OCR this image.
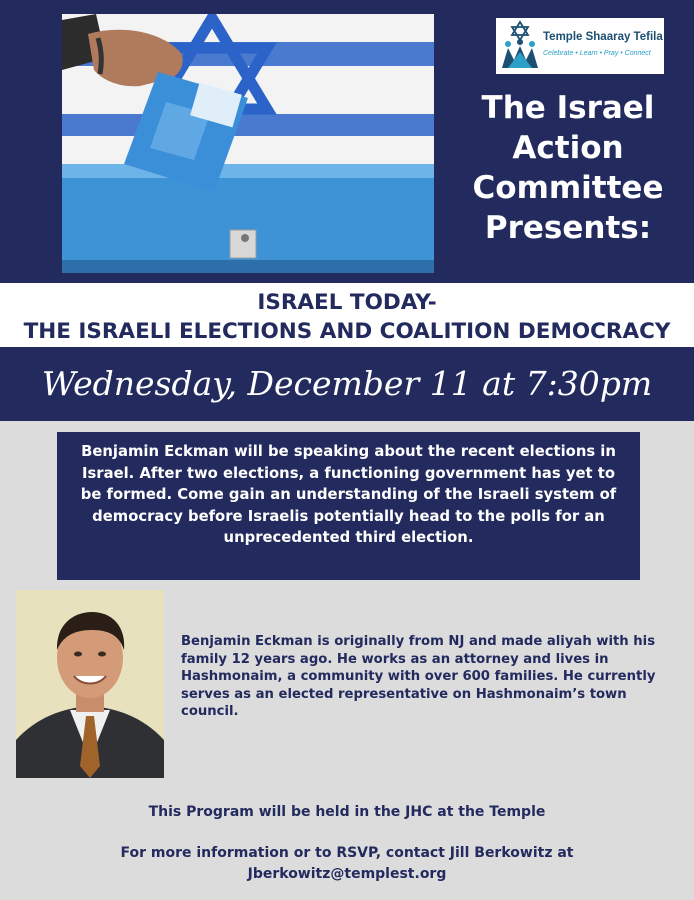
Temple Shaaray Tefila
Celebrate • Learn • Pray • Connect
The Israel
Action
Committee
Presents:
ISRAEL TODAY-
THE ISRAELI ELECTIONS AND COALITION DEMOCRACY
Wednesday, December 11 at 7:30pm

Benjamin Eckman will be speaking about the recent elections in Israel. After two elections, a functioning government has yet to be formed. Come gain an understanding of the Israeli system of democracy before Israelis potentially head to the polls for an unprecedented third election.

Benjamin Eckman is originally from NJ and made aliyah with his family 12 years ago. He works as an attorney and lives in Hashmonaim, a community with over 600 families. He currently serves as an elected representative on Hashmonaim’s town council.

This Program will be held in the JHC at the Temple
For more information or to RSVP, contact Jill Berkowitz at
Jberkowitz@templest.org
